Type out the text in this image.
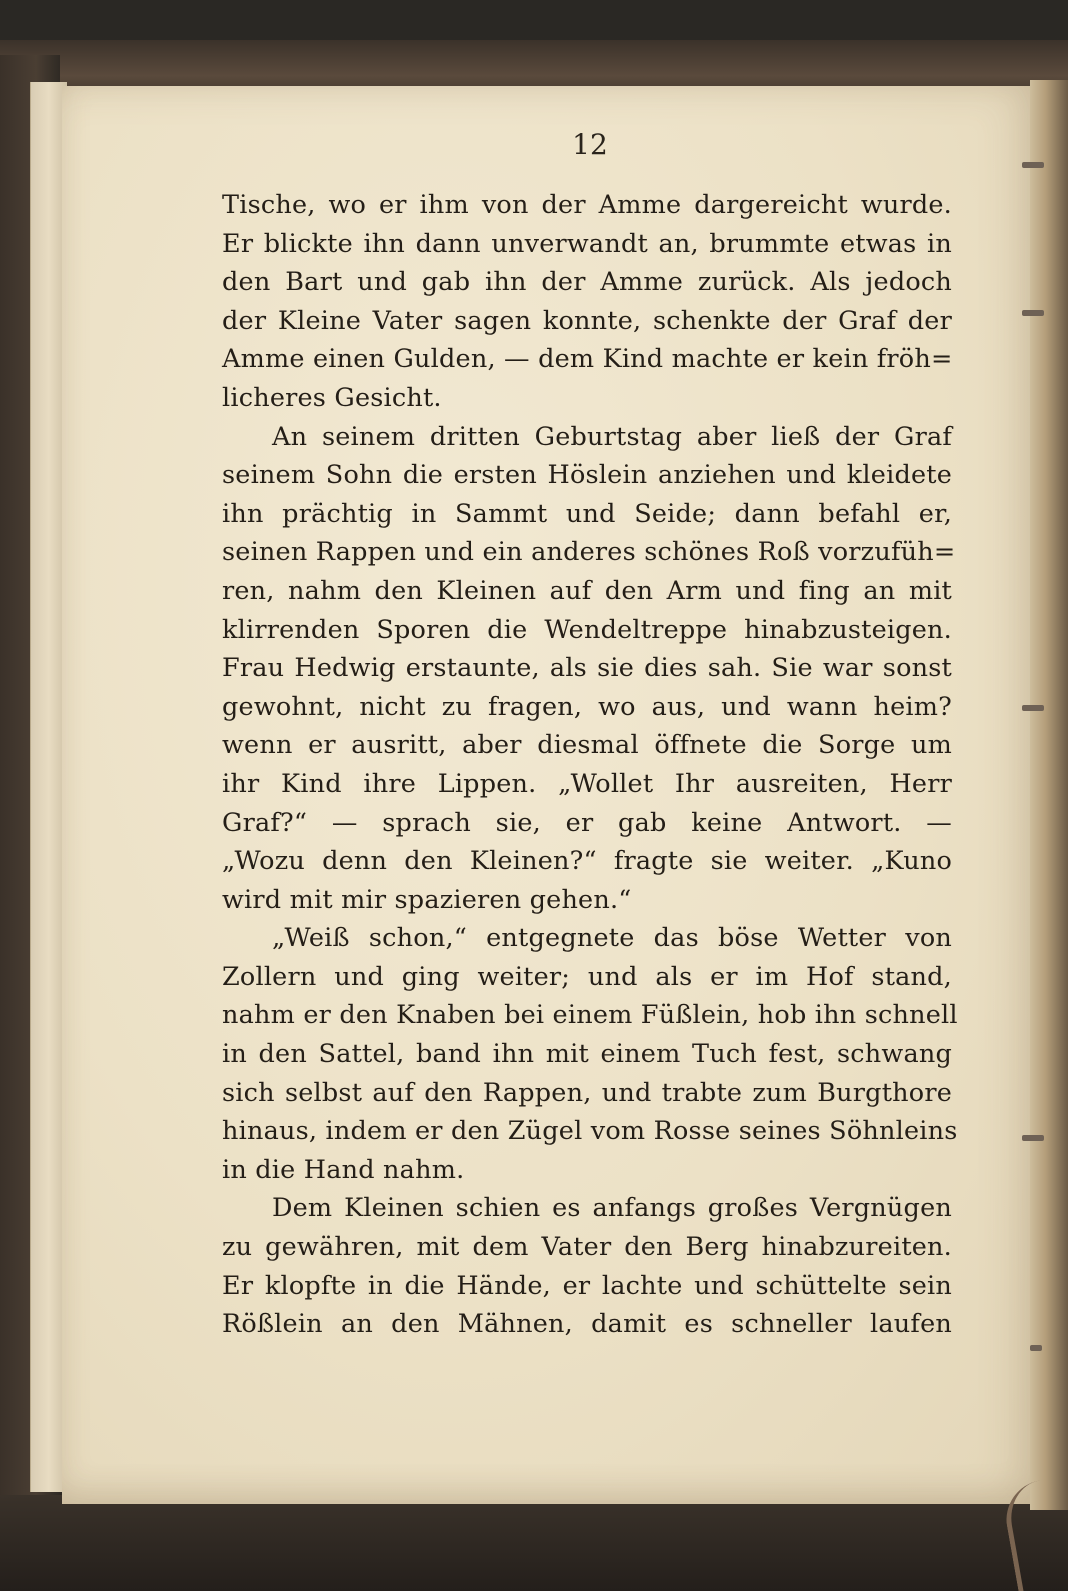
12
Tische, wo er ihm von der Amme dargereicht wurde.
Er blickte ihn dann unverwandt an, brummte etwas in
den Bart und gab ihn der Amme zurück. Als jedoch
der Kleine Vater sagen konnte, schenkte der Graf der
Amme einen Gulden, — dem Kind machte er kein fröh=
licheres Gesicht.
An seinem dritten Geburtstag aber ließ der Graf
seinem Sohn die ersten Höslein anziehen und kleidete
ihn prächtig in Sammt und Seide; dann befahl er,
seinen Rappen und ein anderes schönes Roß vorzufüh=
ren, nahm den Kleinen auf den Arm und fing an mit
klirrenden Sporen die Wendeltreppe hinabzusteigen.
Frau Hedwig erstaunte, als sie dies sah. Sie war sonst
gewohnt, nicht zu fragen, wo aus, und wann heim?
wenn er ausritt, aber diesmal öffnete die Sorge um
ihr Kind ihre Lippen. „Wollet Ihr ausreiten, Herr
Graf?“ — sprach sie, er gab keine Antwort. —
„Wozu denn den Kleinen?“ fragte sie weiter. „Kuno
wird mit mir spazieren gehen.“
„Weiß schon,“ entgegnete das böse Wetter von
Zollern und ging weiter; und als er im Hof stand,
nahm er den Knaben bei einem Füßlein, hob ihn schnell
in den Sattel, band ihn mit einem Tuch fest, schwang
sich selbst auf den Rappen, und trabte zum Burgthore
hinaus, indem er den Zügel vom Rosse seines Söhnleins
in die Hand nahm.
Dem Kleinen schien es anfangs großes Vergnügen
zu gewähren, mit dem Vater den Berg hinabzureiten.
Er klopfte in die Hände, er lachte und schüttelte sein
Rößlein an den Mähnen, damit es schneller laufen
